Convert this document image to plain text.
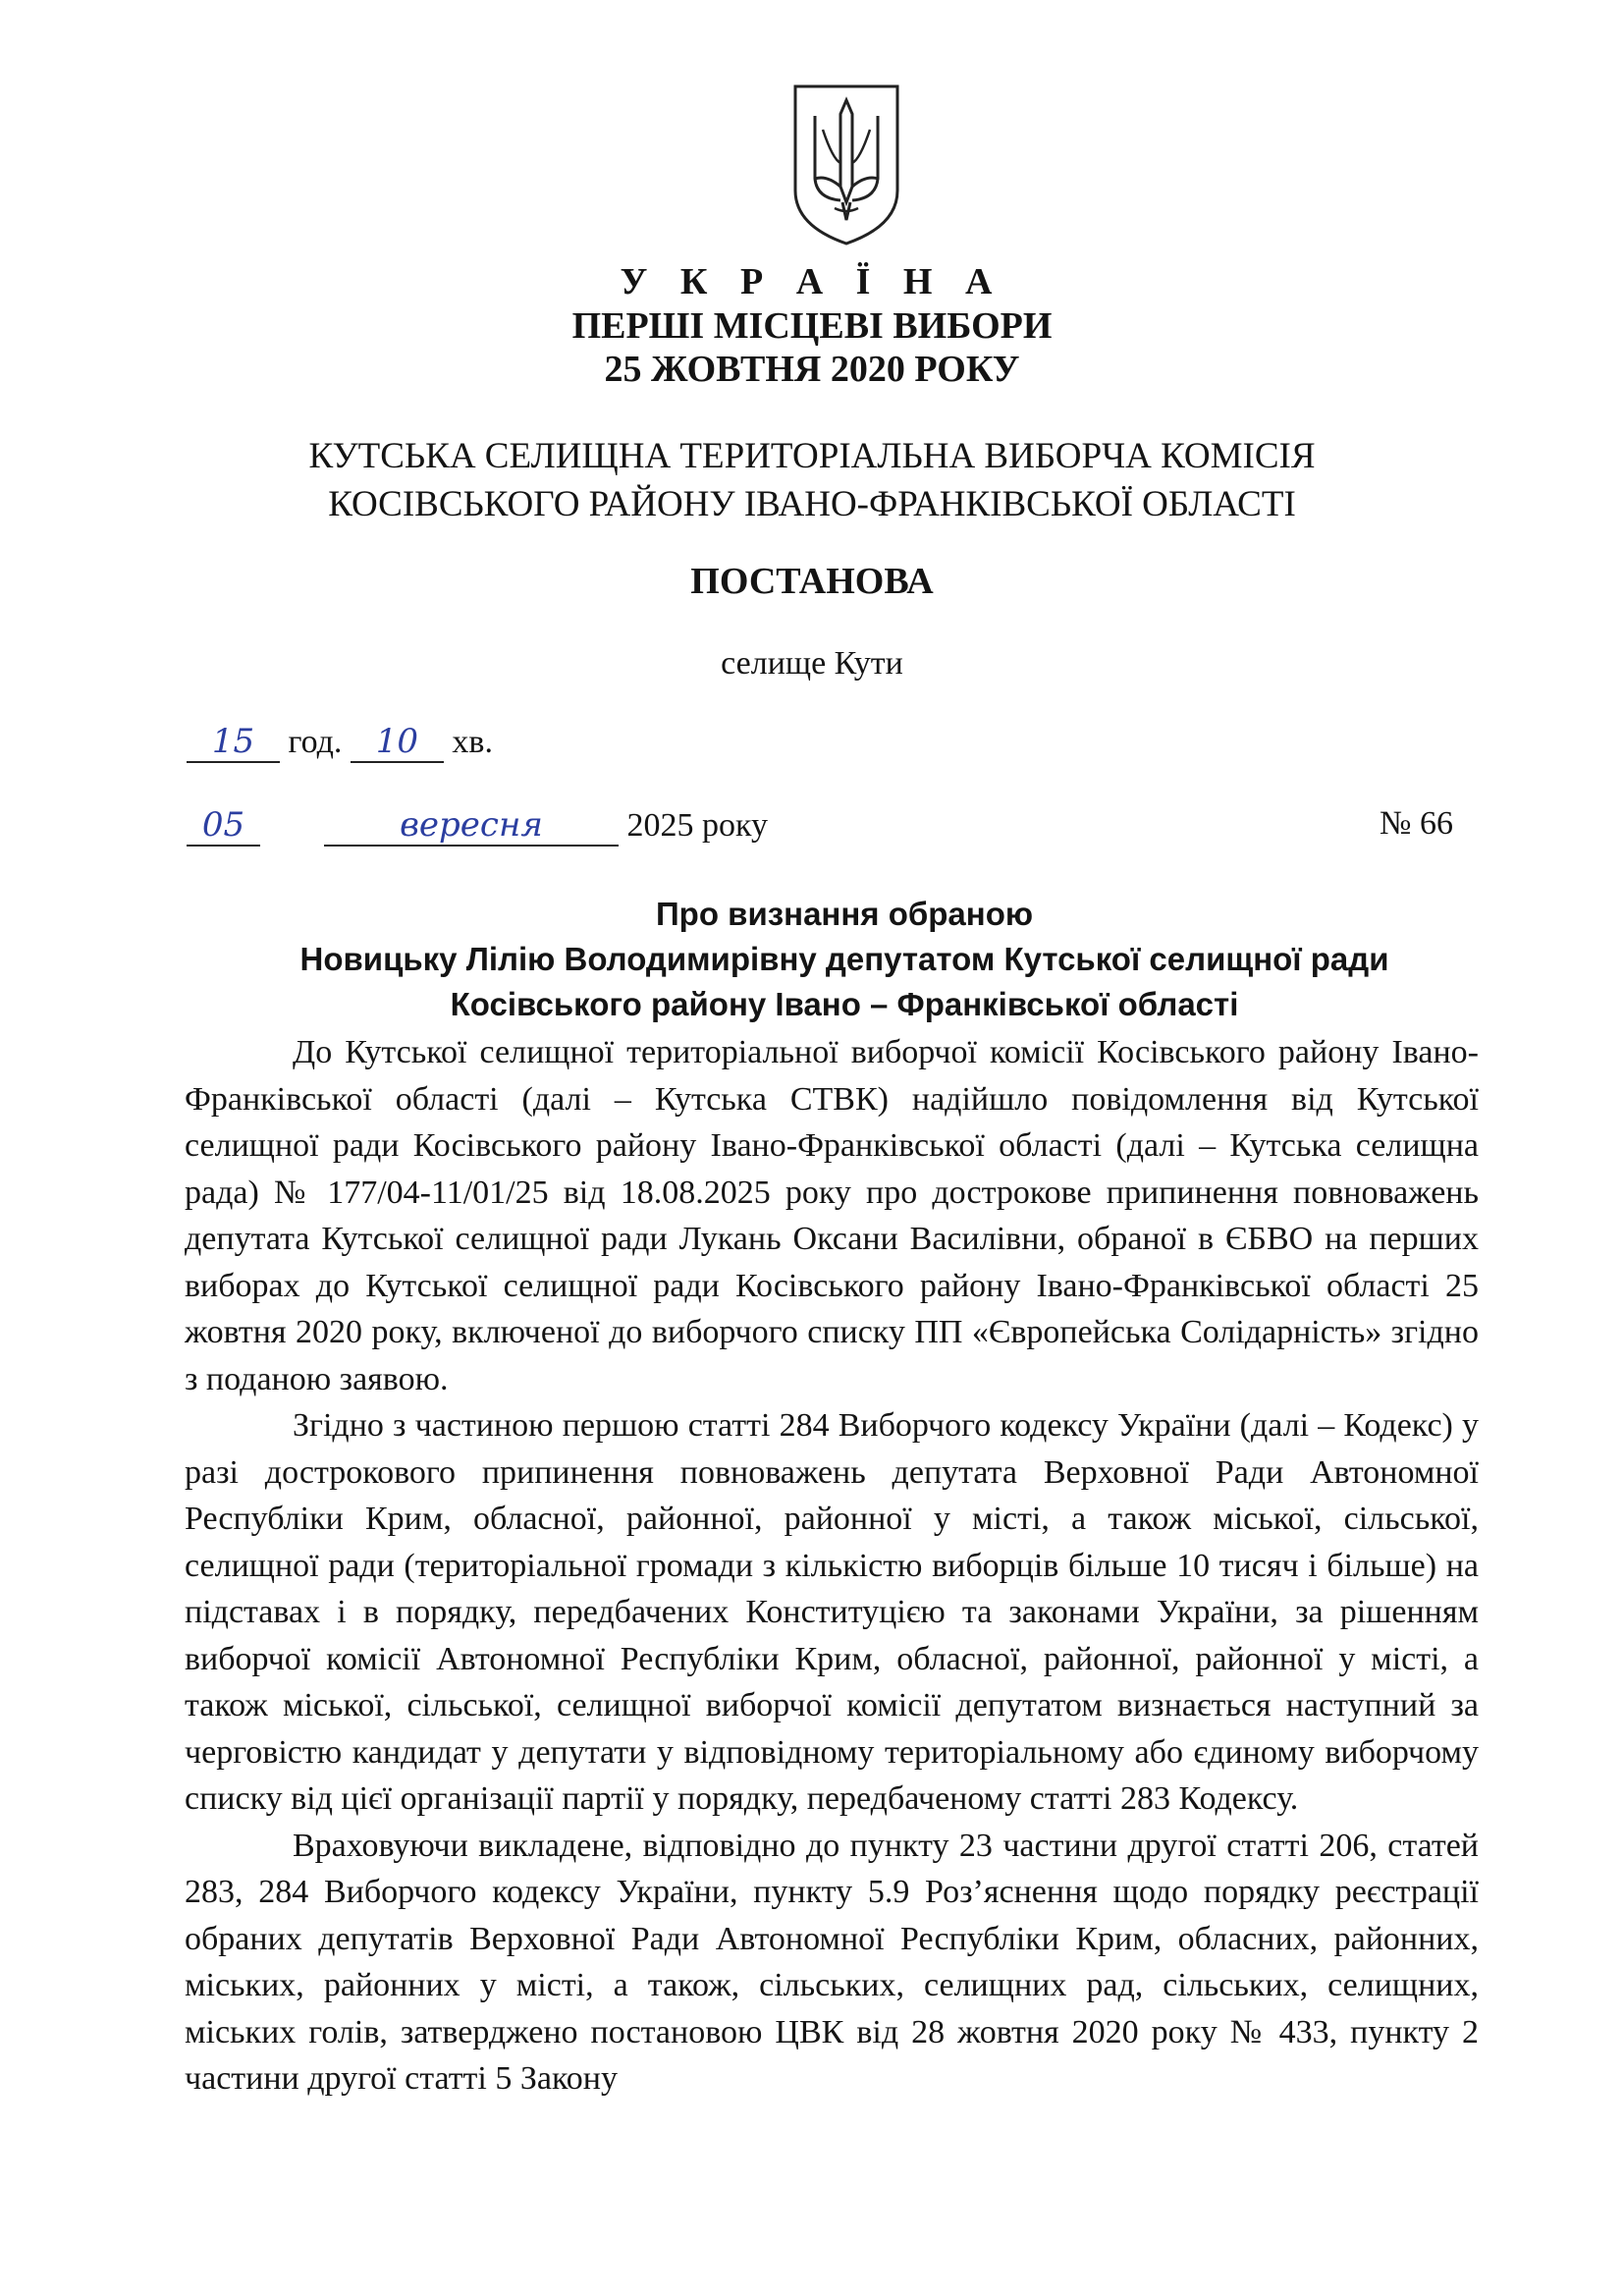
У К Р А Ї Н А
ПЕРШІ МІСЦЕВІ ВИБОРИ
25 ЖОВТНЯ 2020 РОКУ
КУТСЬКА СЕЛИЩНА ТЕРИТОРІАЛЬНА ВИБОРЧА КОМІСІЯ
КОСІВСЬКОГО РАЙОНУ ІВАНО-ФРАНКІВСЬКОЇ ОБЛАСТІ
ПОСТАНОВА
селище Кути
15 год. 10 хв.
05	вересня	2025 року	№ 66
Про визнання обраною
Новицьку Лілію Володимирівну депутатом Кутської селищної ради
Косівського району Івано – Франківської області

До Кутської селищної територіальної виборчої комісії Косівського району Івано-Франківської області (далі – Кутська СТВК) надійшло повідомлення від Кутської селищної ради Косівського району Івано-Франківської області (далі – Кутська селищна рада) № 177/04-11/01/25 від 18.08.2025 року про дострокове припинення повноважень депутата Кутської селищної ради Лукань Оксани Василівни, обраної в ЄБВО на перших виборах до Кутської селищної ради Косівського району Івано-Франківської області 25 жовтня 2020 року, включеної до виборчого списку ПП «Європейська Солідарність» згідно з поданою заявою.

Згідно з частиною першою статті 284 Виборчого кодексу України (далі – Кодекс) у разі дострокового припинення повноважень депутата Верховної Ради Автономної Республіки Крим, обласної, районної, районної у місті, а також міської, сільської, селищної ради (територіальної громади з кількістю виборців більше 10 тисяч і більше) на підставах і в порядку, передбачених Конституцією та законами України, за рішенням виборчої комісії Автономної Республіки Крим, обласної, районної, районної у місті, а також міської, сільської, селищної виборчої комісії депутатом визнається наступний за черговістю кандидат у депутати у відповідному територіальному або єдиному виборчому списку від цієї організації партії у порядку, передбаченому статті 283 Кодексу.

Враховуючи викладене, відповідно до пункту 23 частини другої статті 206, статей 283, 284 Виборчого кодексу України, пункту 5.9 Роз’яснення щодо порядку реєстрації обраних депутатів Верховної Ради Автономної Республіки Крим, обласних, районних, міських, районних у місті, а також, сільських, селищних рад, сільських, селищних, міських голів, затверджено постановою ЦВК від 28 жовтня 2020 року № 433, пункту 2 частини другої статті 5 Закону
